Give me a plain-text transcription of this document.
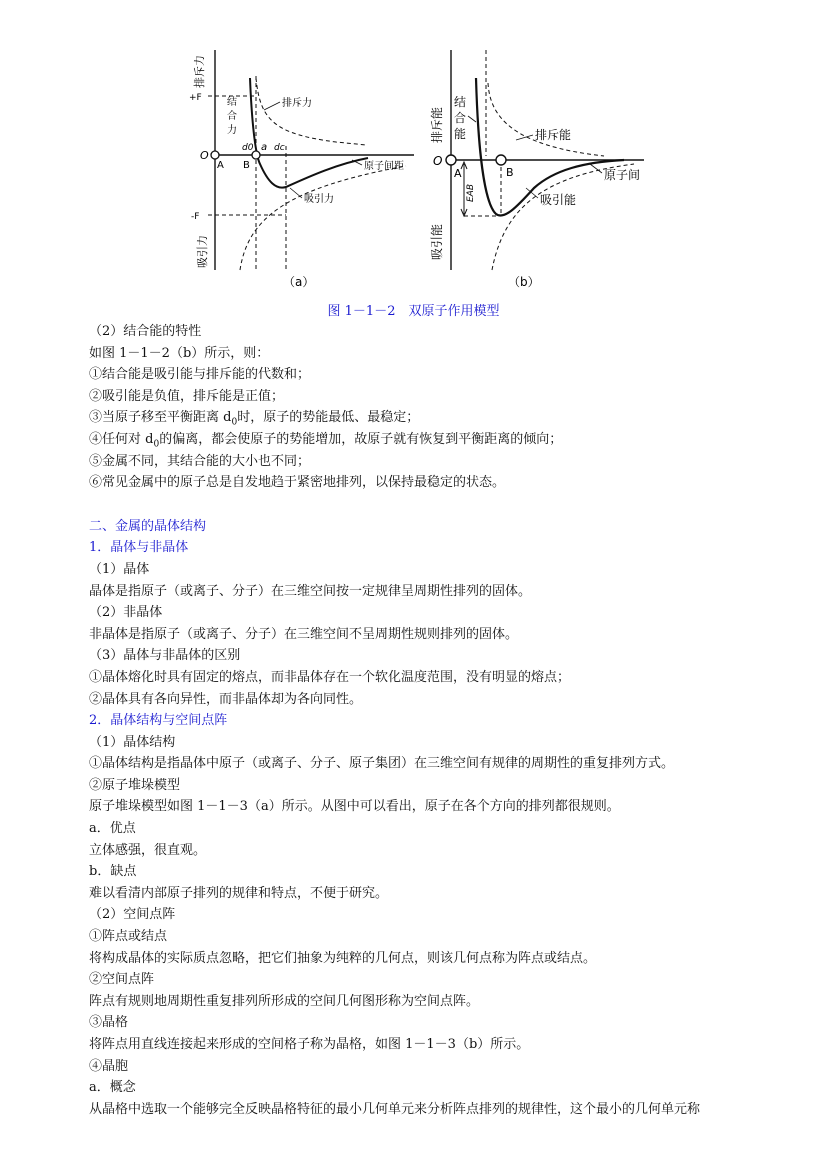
+F
排斥力
-F
吸引力
O
A B
a
d0 dc
结
合
力
排斥力
吸引力
原子间距
（a）
排斥能
吸引能
O
A	B
结
合
能	排斥能
吸引能
EAB
原子间
（b）
图 1－1－2　双原子作用模型
（2）结合能的特性
如图 1－1－2（b）所示，则：
①结合能是吸引能与排斥能的代数和；
②吸引能是负值，排斥能是正值；
③当原子移至平衡距离 $d_0$时，原子的势能最低、最稳定；
④任何对 $d_0$的偏离，都会使原子的势能增加，故原子就有恢复到平衡距离的倾向；
⑤金属不同，其结合能的大小也不同；
⑥常见金属中的原子总是自发地趋于紧密地排列，以保持最稳定的状态。
二、金属的晶体结构
1．晶体与非晶体
（1）晶体
晶体是指原子（或离子、分子）在三维空间按一定规律呈周期性排列的固体。
（2）非晶体
非晶体是指原子（或离子、分子）在三维空间不呈周期性规则排列的固体。
（3）晶体与非晶体的区别
①晶体熔化时具有固定的熔点，而非晶体存在一个软化温度范围，没有明显的熔点；
②晶体具有各向异性，而非晶体却为各向同性。
2．晶体结构与空间点阵
（1）晶体结构
①晶体结构是指晶体中原子（或离子、分子、原子集团）在三维空间有规律的周期性的重复排列方式。
②原子堆垛模型
原子堆垛模型如图 1－1－3（a）所示。从图中可以看出，原子在各个方向的排列都很规则。
a．优点
立体感强，很直观。
b．缺点
难以看清内部原子排列的规律和特点，不便于研究。
（2）空间点阵
①阵点或结点
将构成晶体的实际质点忽略，把它们抽象为纯粹的几何点，则该几何点称为阵点或结点。
②空间点阵
阵点有规则地周期性重复排列所形成的空间几何图形称为空间点阵。
③晶格
将阵点用直线连接起来形成的空间格子称为晶格，如图 1－1－3（b）所示。
④晶胞
a．概念
从晶格中选取一个能够完全反映晶格特征的最小几何单元来分析阵点排列的规律性，这个最小的几何单元称
